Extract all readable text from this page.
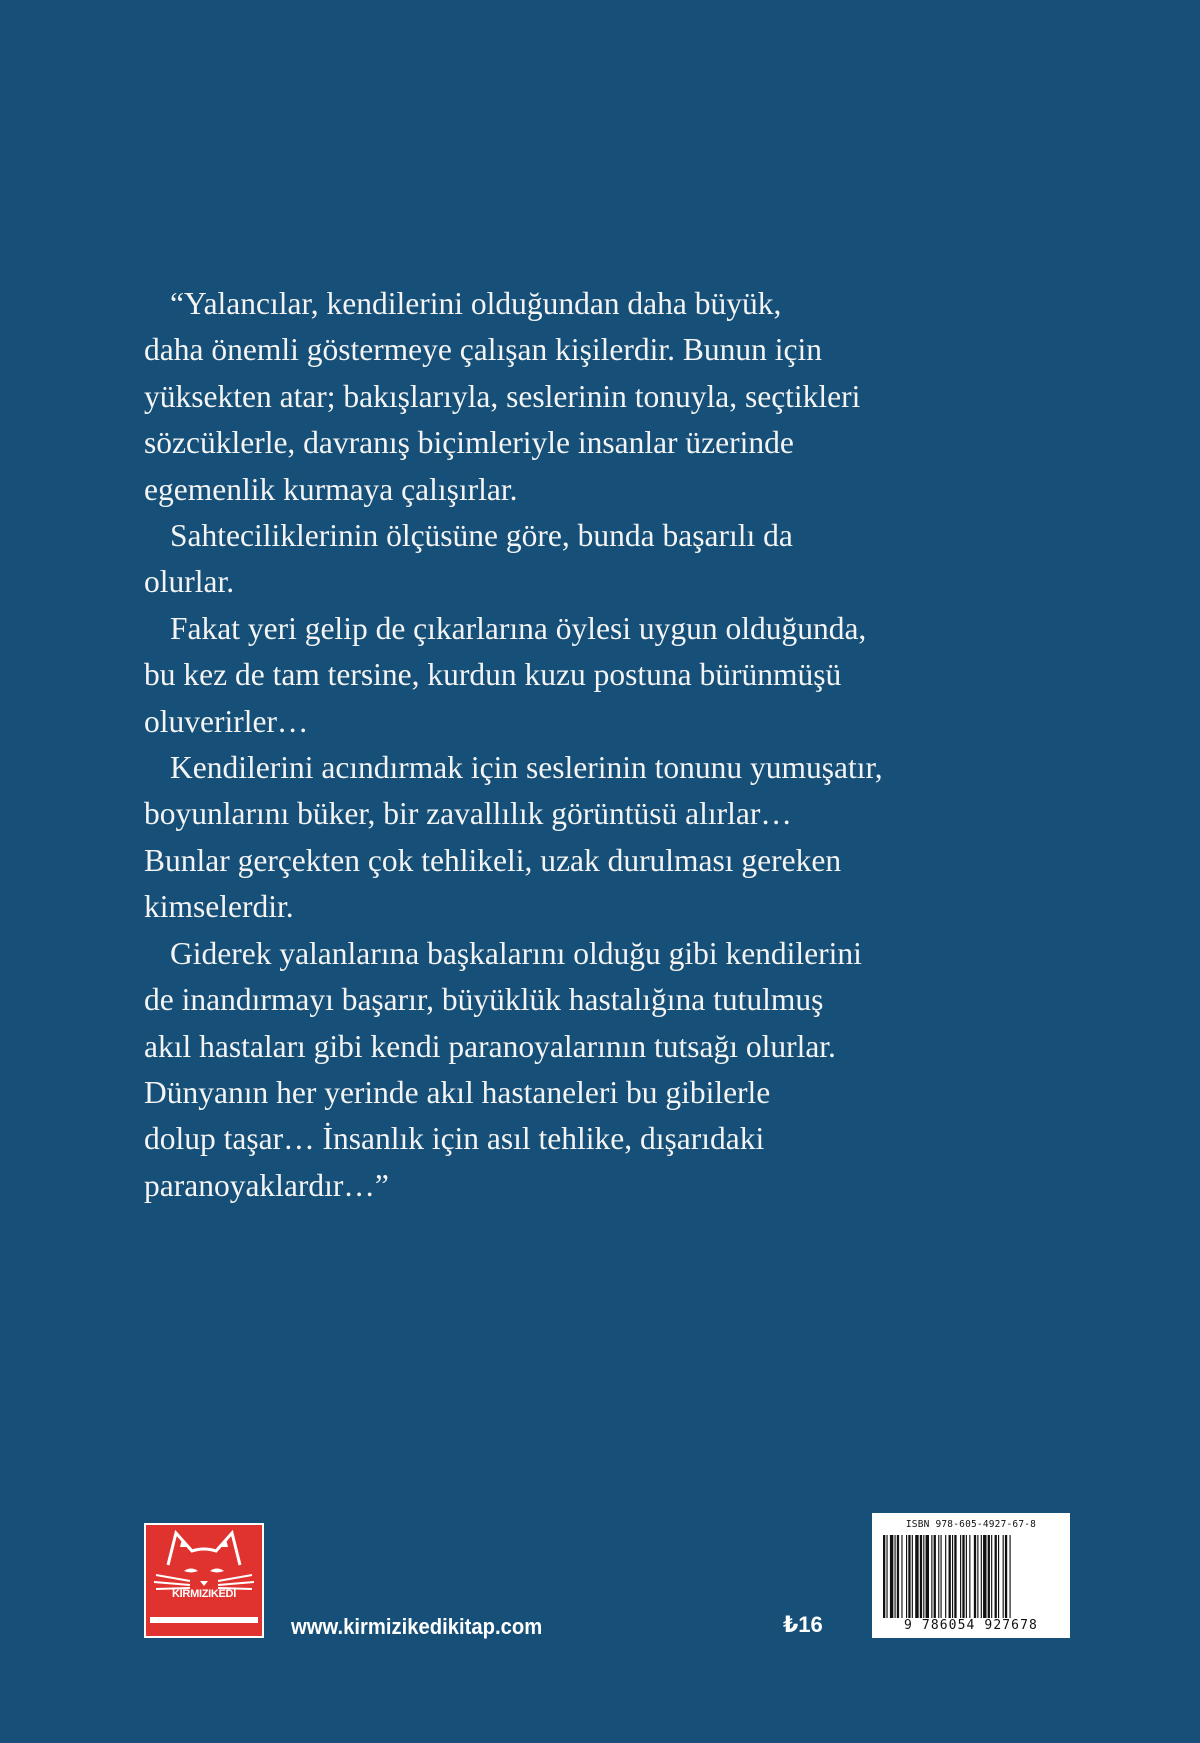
“Yalancılar, kendilerini olduğundan daha büyük,
daha önemli göstermeye çalışan kişilerdir. Bunun için
yüksekten atar; bakışlarıyla, seslerinin tonuyla, seçtikleri
sözcüklerle, davranış biçimleriyle insanlar üzerinde
egemenlik kurmaya çalışırlar.

Sahteciliklerinin ölçüsüne göre, bunda başarılı da
olurlar.

Fakat yeri gelip de çıkarlarına öylesi uygun olduğunda,
bu kez de tam tersine, kurdun kuzu postuna bürünmüşü
oluverirler…

Kendilerini acındırmak için seslerinin tonunu yumuşatır,
boyunlarını büker, bir zavallılık görüntüsü alırlar…
Bunlar gerçekten çok tehlikeli, uzak durulması gereken
kimselerdir.

Giderek yalanlarına başkalarını olduğu gibi kendilerini
de inandırmayı başarır, büyüklük hastalığına tutulmuş
akıl hastaları gibi kendi paranoyalarının tutsağı olurlar.
Dünyanın her yerinde akıl hastaneleri bu gibilerle
dolup taşar… İnsanlık için asıl tehlike, dışarıdaki
paranoyaklardır…”

KIRMIZIKEDI
www.kirmizikedikitap.com	₺16
ISBN 978-605-4927-67-8
9 786054 927678
